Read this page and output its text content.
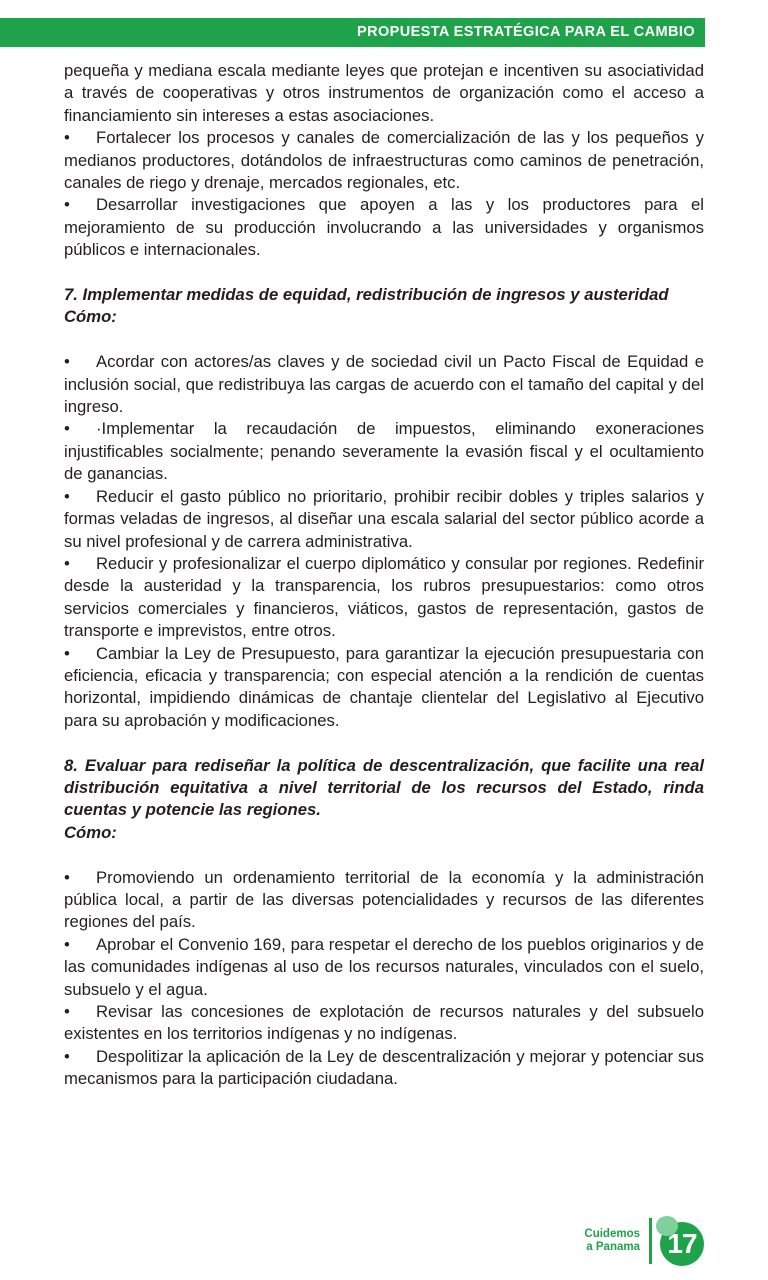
PROPUESTA ESTRATÉGICA PARA EL CAMBIO

pequeña y mediana escala mediante leyes que protejan e incentiven su asociatividad a través de cooperativas y otros instrumentos de organización como el acceso a financiamiento sin intereses a estas asociaciones.

• Fortalecer los procesos y canales de comercialización de las y los pequeños y medianos productores, dotándolos de infraestructuras como caminos de penetración, canales de riego y drenaje, mercados regionales, etc.

• Desarrollar investigaciones que apoyen a las y los productores para el mejoramiento de su producción involucrando a las universidades y organismos públicos e internacionales.

7. Implementar medidas de equidad, redistribución de ingresos y austeridad

Cómo:

• Acordar con actores/as claves y de sociedad civil un Pacto Fiscal de Equidad e inclusión social, que redistribuya las cargas de acuerdo con el tamaño del capital y del ingreso.

• ·Implementar la recaudación de impuestos, eliminando exoneraciones injustificables socialmente; penando severamente la evasión fiscal y el ocultamiento de ganancias.

• Reducir el gasto público no prioritario, prohibir recibir dobles y triples salarios y formas veladas de ingresos, al diseñar una escala salarial del sector público acorde a su nivel profesional y de carrera administrativa.

• Reducir y profesionalizar el cuerpo diplomático y consular por regiones. Redefinir desde la austeridad y la transparencia, los rubros presupuestarios: como otros servicios comerciales y financieros, viáticos, gastos de representación, gastos de transporte e imprevistos, entre otros.

• Cambiar la Ley de Presupuesto, para garantizar la ejecución presupuestaria con eficiencia, eficacia y transparencia; con especial atención a la rendición de cuentas horizontal, impidiendo dinámicas de chantaje clientelar del Legislativo al Ejecutivo para su aprobación y modificaciones.

8. Evaluar para rediseñar la política de descentralización, que facilite una real distribución equitativa a nivel territorial de los recursos del Estado, rinda cuentas y potencie las regiones.

Cómo:

• Promoviendo un ordenamiento territorial de la economía y la administración pública local, a partir de las diversas potencialidades y recursos de las diferentes regiones del país.

• Aprobar el Convenio 169, para respetar el derecho de los pueblos originarios y de las comunidades indígenas al uso de los recursos naturales, vinculados con el suelo, subsuelo y el agua.

• Revisar las concesiones de explotación de recursos naturales y del subsuelo existentes en los territorios indígenas y no indígenas.

• Despolitizar la aplicación de la Ley de descentralización y mejorar y potenciar sus mecanismos para la participación ciudadana.

Cuidemos
a Panama 17
